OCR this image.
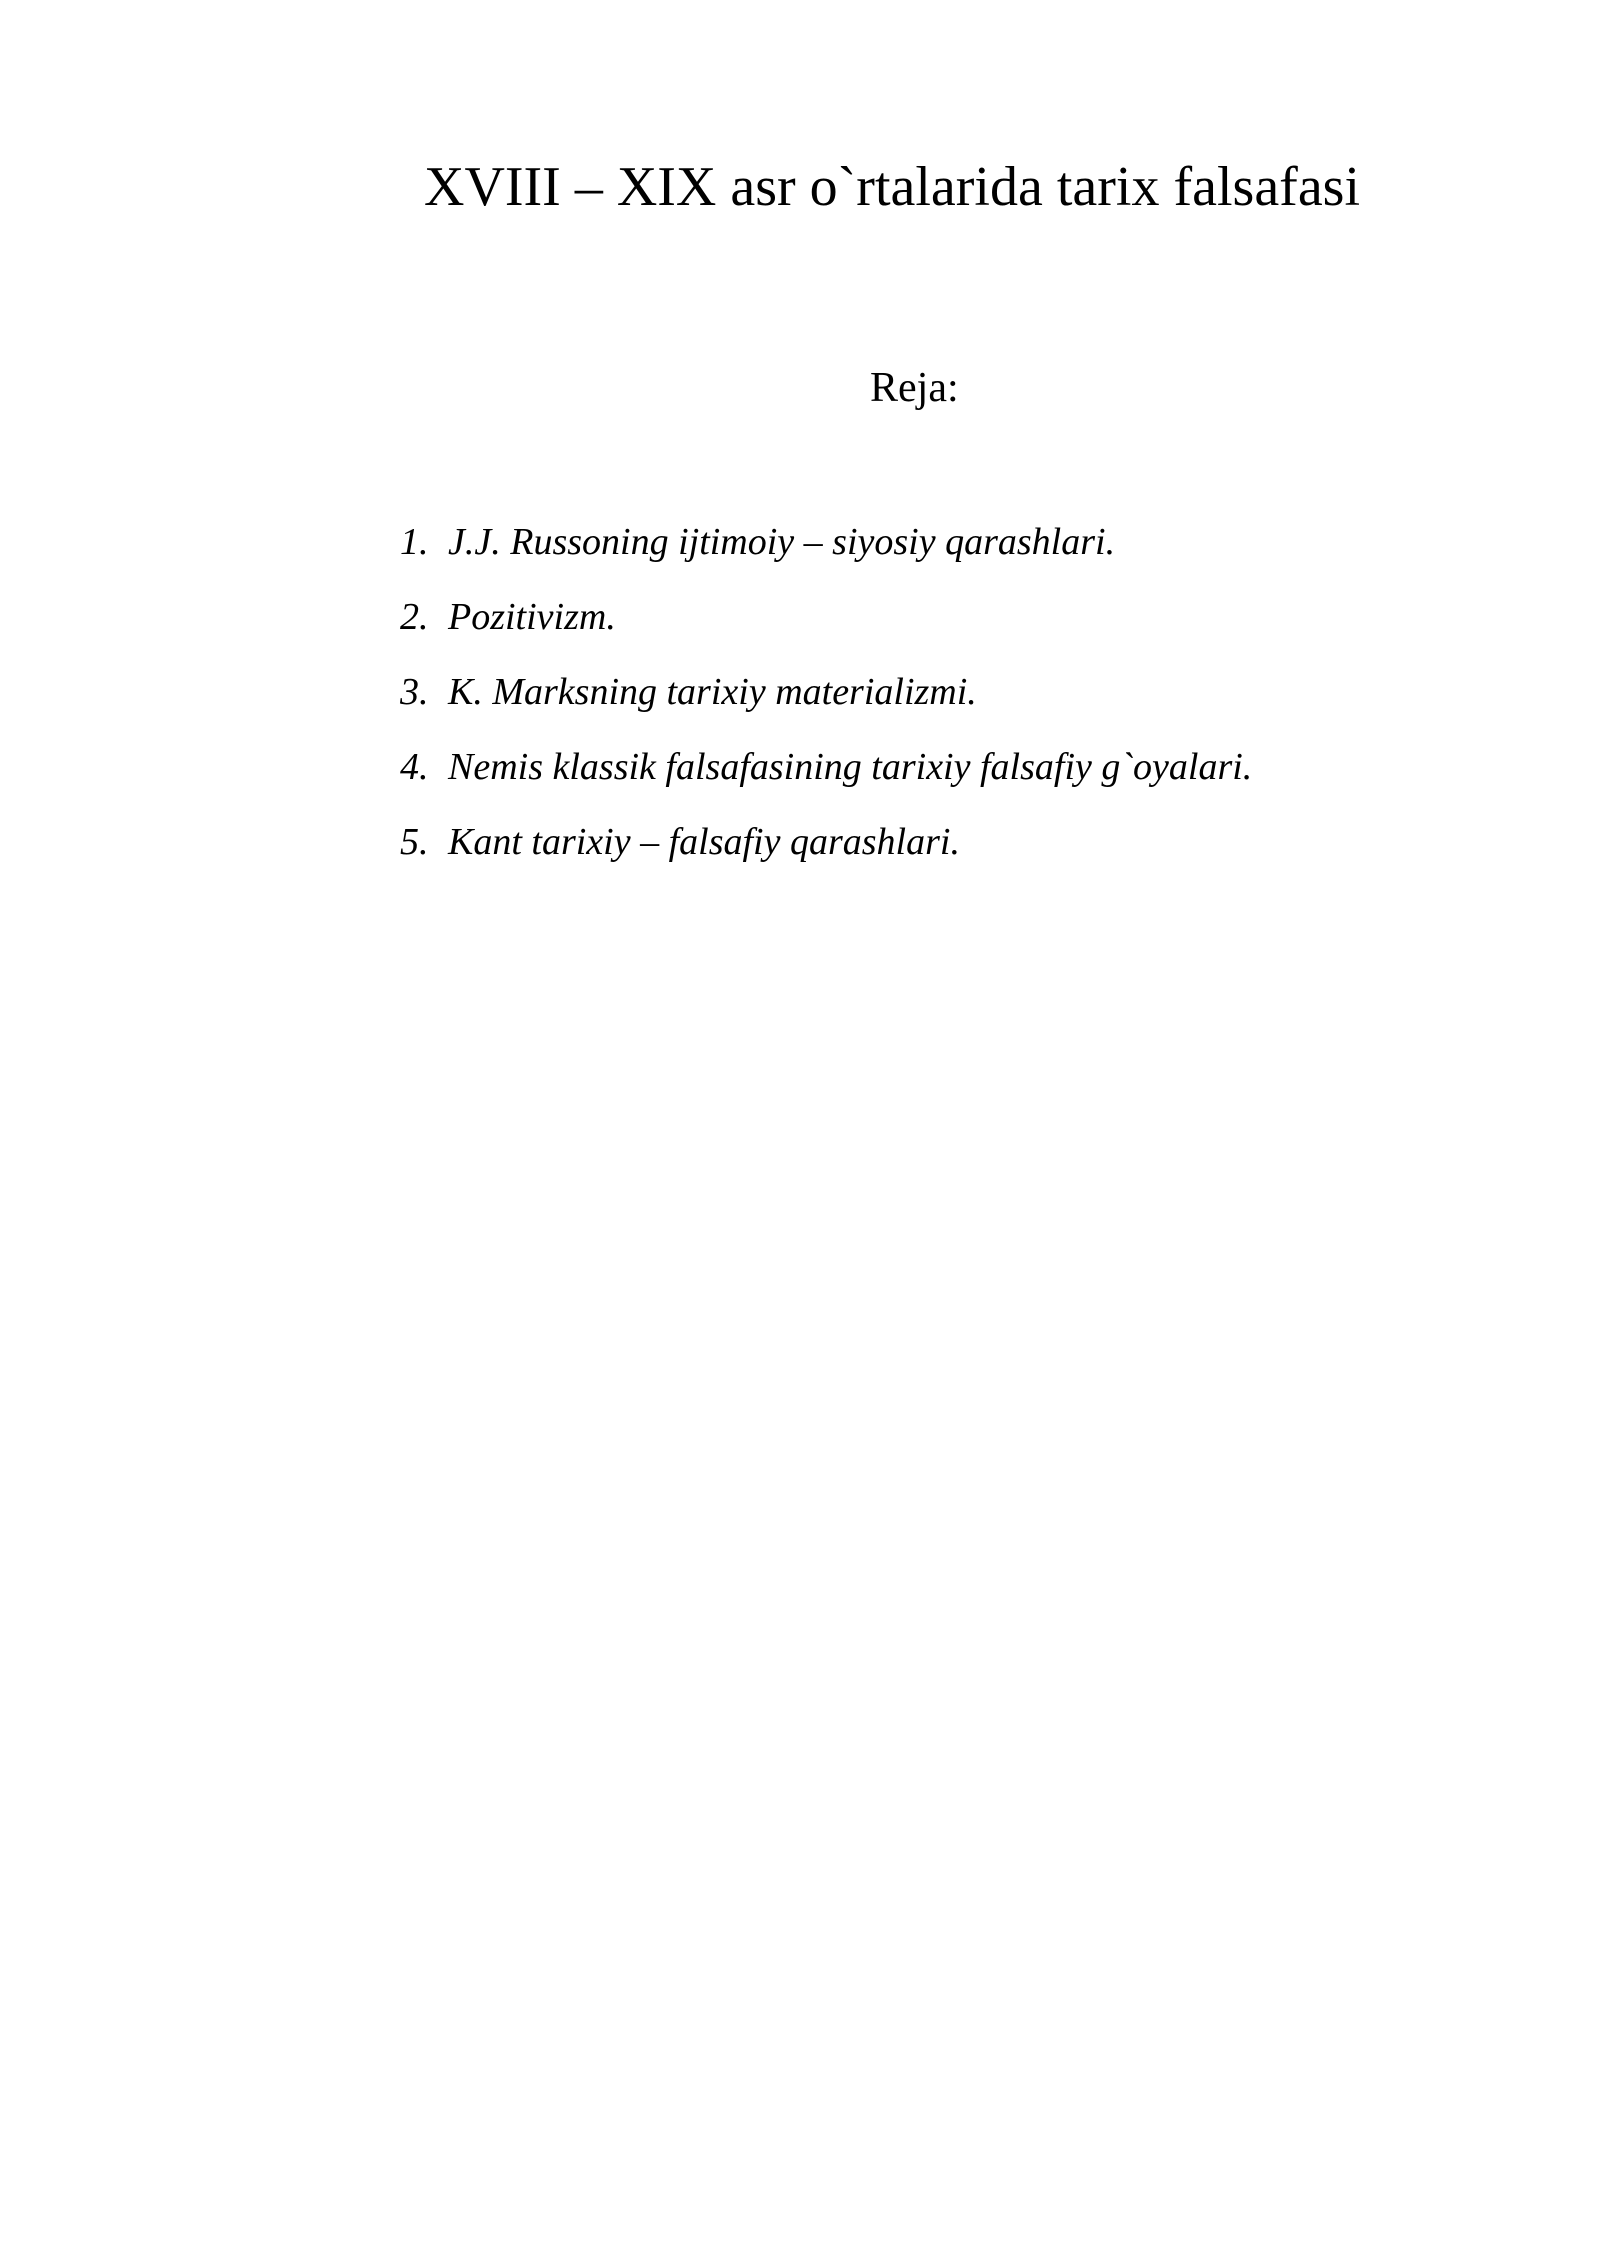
XVIII – XIX asr o`rtalarida tarix falsafasi
Reja:
1. J.J. Russoning ijtimoiy – siyosiy qarashlari.
2. Pozitivizm.
3. K. Marksning tarixiy materializmi.
4. Nemis klassik falsafasining tarixiy falsafiy g`oyalari.
5. Kant tarixiy – falsafiy qarashlari.
